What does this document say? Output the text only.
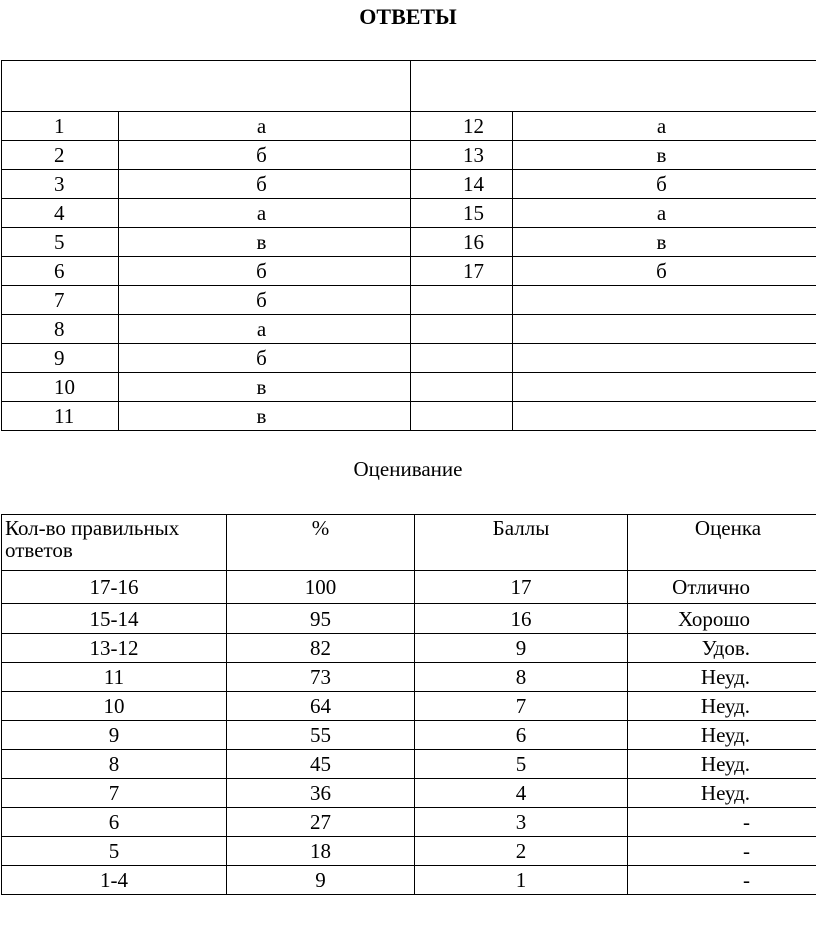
ОТВЕТЫ

1	а	12	а
2	б	13	в
3	б	14	б
4	а	15	а
5	в	16	в
6	б	17	б
7	б		
8	а		
9	б		
10	в		
11	в		
Оценивание
Кол-во правильных ответов	%	Баллы	Оценка
17-16	100	17	Отлично
15-14	95	16	Хорошо
13-12	82	9	Удов.
11	73	8	Неуд.
10	64	7	Неуд.
9	55	6	Неуд.
8	45	5	Неуд.
7	36	4	Неуд.
6	27	3	-
5	18	2	-
1-4	9	1	-
